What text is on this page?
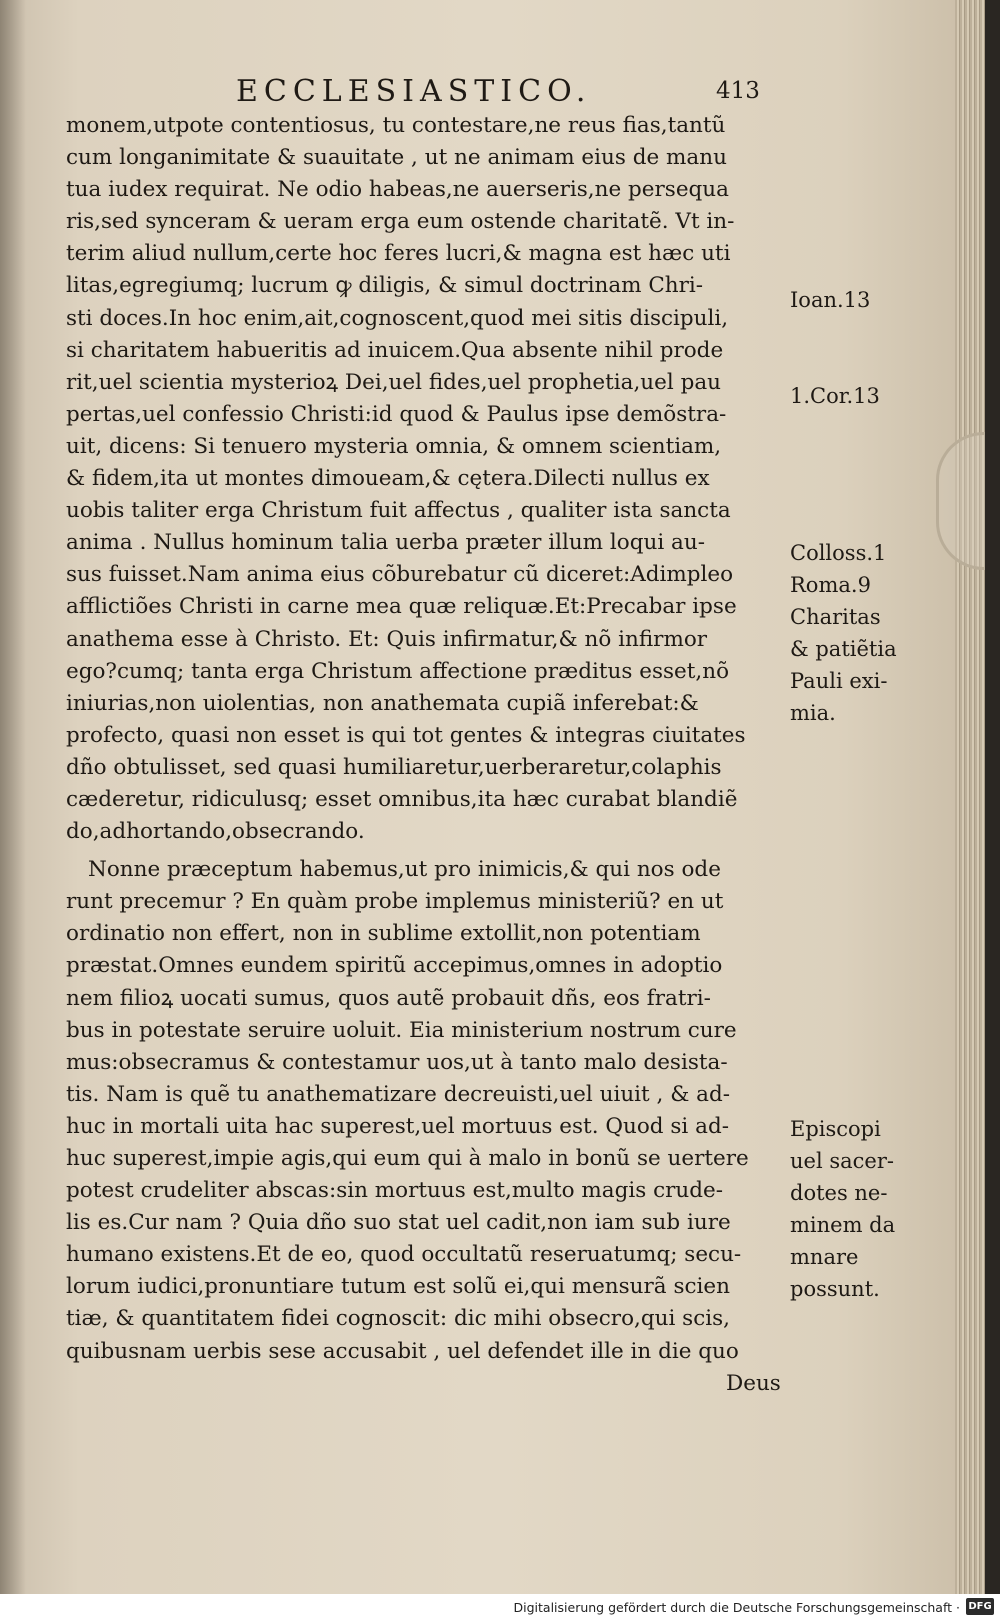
ECCLESIASTICO.	413
monem,utpote contentiosus, tu contestare,ne reus fias,tantũ
cum longanimitate & suauitate , ut ne animam eius de manu
tua iudex requirat. Ne odio habeas,ne auerseris,ne persequa
ris,sed synceram & ueram erga eum ostende charitatẽ. Vt in-
terim aliud nullum,certe hoc feres lucri,& magna est hæc uti
litas,egregiumq; lucrum ꝙ diligis, & simul doctrinam Chri-
sti doces.In hoc enim,ait,cognoscent,quod mei sitis discipuli,
si charitatem habueritis ad inuicem.Qua absente nihil prode
rit,uel scientia mysterioꝝ Dei,uel fides,uel prophetia,uel pau
pertas,uel confessio Christi:id quod & Paulus ipse demõstra-
uit, dicens: Si tenuero mysteria omnia, & omnem scientiam,
& fidem,ita ut montes dimoueam,& cętera.Dilecti nullus ex
uobis taliter erga Christum fuit affectus , qualiter ista sancta
anima . Nullus hominum talia uerba præter illum loqui au-
sus fuisset.Nam anima eius cõburebatur cũ diceret:Adimpleo
afflictiões Christi in carne mea quæ reliquæ.Et:Precabar ipse
anathema esse à Christo. Et: Quis infirmatur,& nõ infirmor
ego?cumq; tanta erga Christum affectione præditus esset,nõ
iniurias,non uiolentias, non anathemata cupiã inferebat:&
profecto, quasi non esset is qui tot gentes & integras ciuitates
dño obtulisset, sed quasi humiliaretur,uerberaretur,colaphis
cæderetur, ridiculusq; esset omnibus,ita hæc curabat blandiẽ
do,adhortando,obsecrando.
Nonne præceptum habemus,ut pro inimicis,& qui nos ode
runt precemur ? En quàm probe implemus ministeriũ? en ut
ordinatio non effert, non in sublime extollit,non potentiam
præstat.Omnes eundem spiritũ accepimus,omnes in adoptio
nem filioꝝ uocati sumus, quos autẽ probauit dñs, eos fratri-
bus in potestate seruire uoluit. Eia ministerium nostrum cure
mus:obsecramus & contestamur uos,ut à tanto malo desista-
tis. Nam is quẽ tu anathematizare decreuisti,uel uiuit , & ad-
huc in mortali uita hac superest,uel mortuus est. Quod si ad-
huc superest,impie agis,qui eum qui à malo in bonũ se uertere
potest crudeliter abscas:sin mortuus est,multo magis crude-
lis es.Cur nam ? Quia dño suo stat uel cadit,non iam sub iure
humano existens.Et de eo, quod occultatũ reseruatumq; secu-
lorum iudici,pronuntiare tutum est solũ ei,qui mensurã scien
tiæ, & quantitatem fidei cognoscit: dic mihi obsecro,qui scis,
quibusnam uerbis sese accusabit , uel defendet ille in die quo
Deus
Ioan.13
1.Cor.13
Colloss.1
Roma.9
Charitas
& patiẽtia
Pauli exi-
mia.
Episcopi
uel sacer-
dotes ne-
minem da
mnare
possunt.
Digitalisierung gefördert durch die Deutsche Forschungsgemeinschaft · DFG
